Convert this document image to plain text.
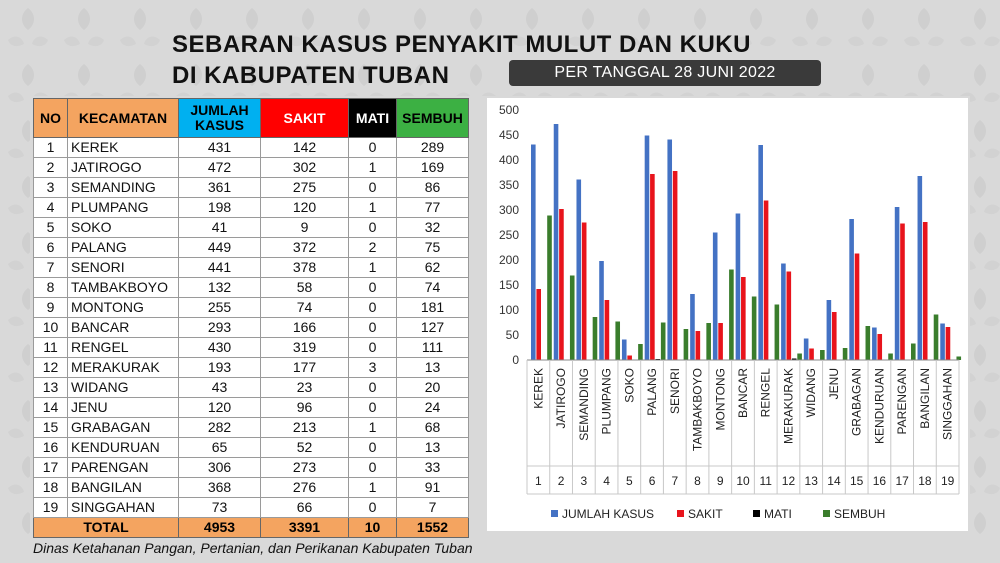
SEBARAN KASUS PENYAKIT MULUT DAN KUKU
DI KABUPATEN TUBAN	PER TANGGAL 28 JUNI 2022
NO	KECAMATAN	JUMLAH KASUS	SAKIT	MATI	SEMBUH
1	KEREK	431	142	0	289
2	JATIROGO	472	302	1	169
3	SEMANDING	361	275	0	86
4	PLUMPANG	198	120	1	77
5	SOKO	41	9	0	32
6	PALANG	449	372	2	75
7	SENORI	441	378	1	62
8	TAMBAKBOYO	132	58	0	74
9	MONTONG	255	74	0	181
10	BANCAR	293	166	0	127
11	RENGEL	430	319	0	111
12	MERAKURAK	193	177	3	13
13	WIDANG	43	23	0	20
14	JENU	120	96	0	24
15	GRABAGAN	282	213	1	68
16	KENDURUAN	65	52	0	13
17	PARENGAN	306	273	0	33
18	BANGILAN	368	276	1	91
19	SINGGAHAN	73	66	0	7
TOTAL		4953	3391	10	1552
0
50
100
150
200
250
300
350
400
450
500
KEREK JATIROGO SEMANDING PLUMPANG SOKO PALANG SENORI TAMBAKBOYO MONTONG BANCAR RENGEL MERAKURAK WIDANG JENU GRABAGAN KENDURUAN PARENGAN BANGILAN SINGGAHAN
1 2 3 4 5 6 7 8 9 10 11 12 13 14 15 16 17 18 19
JUMLAH KASUS	SAKIT	MATI	SEMBUH
Dinas Ketahanan Pangan, Pertanian, dan Perikanan Kabupaten Tuban
